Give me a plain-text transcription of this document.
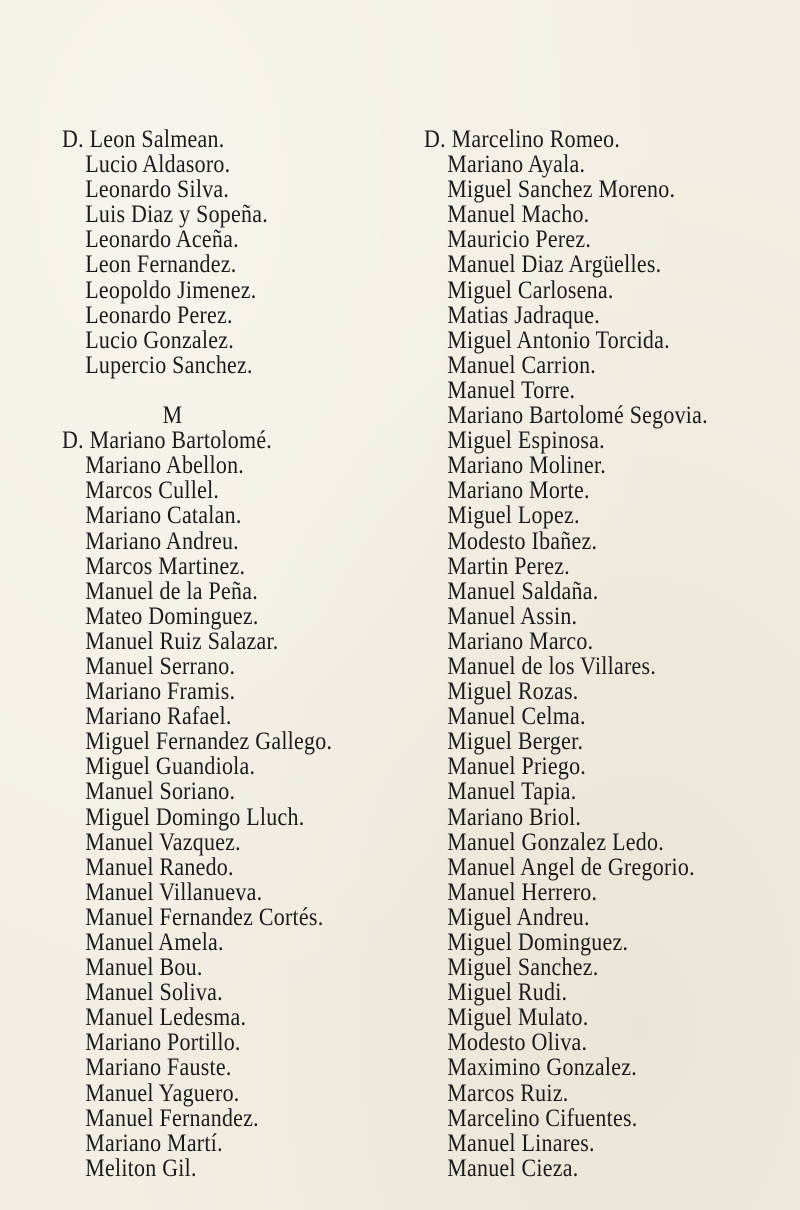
D. Leon Salmean.
Lucio Aldasoro.
Leonardo Silva.
Luis Diaz y Sopeña.
Leonardo Aceña.
Leon Fernandez.
Leopoldo Jimenez.
Leonardo Perez.
Lucio Gonzalez.
Lupercio Sanchez.
M
D. Mariano Bartolomé.
Mariano Abellon.
Marcos Cullel.
Mariano Catalan.
Mariano Andreu.
Marcos Martinez.
Manuel de la Peña.
Mateo Dominguez.
Manuel Ruiz Salazar.
Manuel Serrano.
Mariano Framis.
Mariano Rafael.
Miguel Fernandez Gallego.
Miguel Guandiola.
Manuel Soriano.
Miguel Domingo Lluch.
Manuel Vazquez.
Manuel Ranedo.
Manuel Villanueva.
Manuel Fernandez Cortés.
Manuel Amela.
Manuel Bou.
Manuel Soliva.
Manuel Ledesma.
Mariano Portillo.
Mariano Fauste.
Manuel Yaguero.
Manuel Fernandez.
Mariano Martí.
Meliton Gil.
D. Marcelino Romeo.
Mariano Ayala.
Miguel Sanchez Moreno.
Manuel Macho.
Mauricio Perez.
Manuel Diaz Argüelles.
Miguel Carlosena.
Matias Jadraque.
Miguel Antonio Torcida.
Manuel Carrion.
Manuel Torre.
Mariano Bartolomé Segovia.
Miguel Espinosa.
Mariano Moliner.
Mariano Morte.
Miguel Lopez.
Modesto Ibañez.
Martin Perez.
Manuel Saldaña.
Manuel Assin.
Mariano Marco.
Manuel de los Villares.
Miguel Rozas.
Manuel Celma.
Miguel Berger.
Manuel Priego.
Manuel Tapia.
Mariano Briol.
Manuel Gonzalez Ledo.
Manuel Angel de Gregorio.
Manuel Herrero.
Miguel Andreu.
Miguel Dominguez.
Miguel Sanchez.
Miguel Rudi.
Miguel Mulato.
Modesto Oliva.
Maximino Gonzalez.
Marcos Ruiz.
Marcelino Cifuentes.
Manuel Linares.
Manuel Cieza.
